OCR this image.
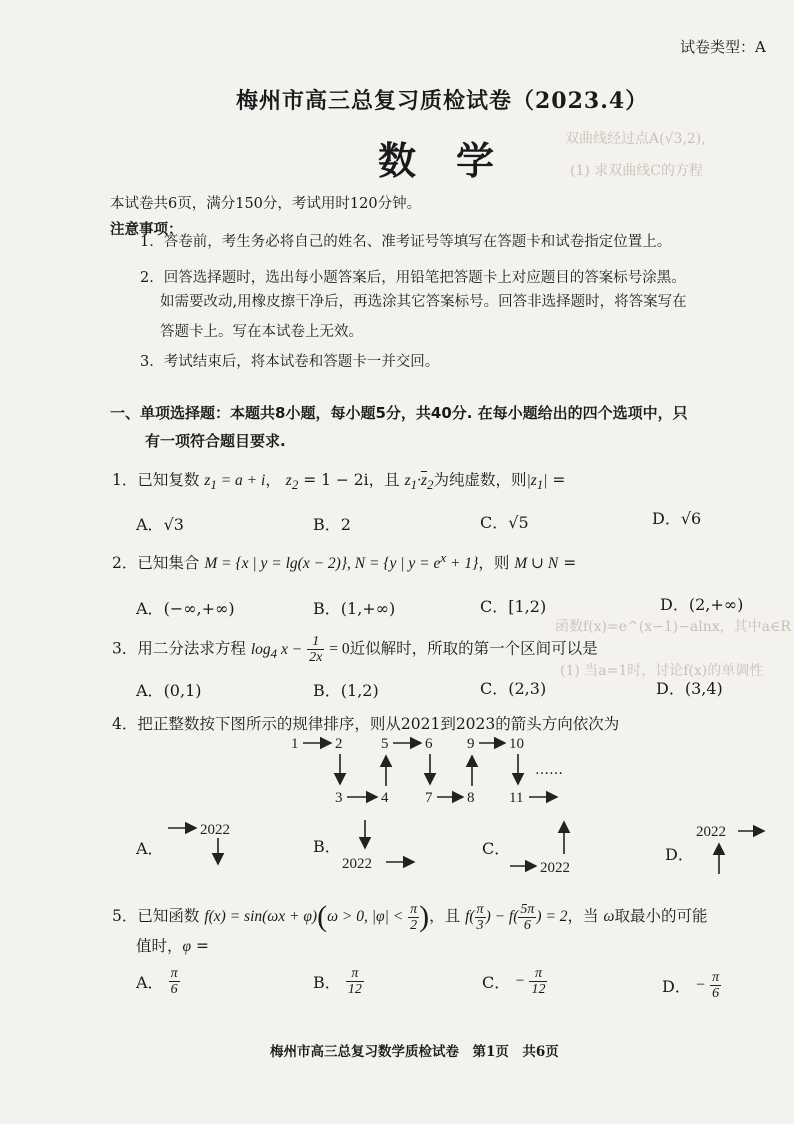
双曲线经过点A(√3,2),
(1) 求双曲线C的方程
函数f(x)=e^(x−1)−alnx，其中a∈R
(1) 当a=1时，讨论f(x)的单调性
试卷类型：A
梅州市高三总复习质检试卷（2023.4）
数学
本试卷共6页，满分150分，考试用时120分钟。
注意事项：
1．答卷前，考生务必将自己的姓名、准考证号等填写在答题卡和试卷指定位置上。
2．回答选择题时，选出每小题答案后，用铅笔把答题卡上对应题目的答案标号涂黑。
如需要改动,用橡皮擦干净后，再选涂其它答案标号。回答非选择题时，将答案写在
答题卡上。写在本试卷上无效。
3．考试结束后，将本试卷和答题卡一并交回。
一、单项选择题：本题共8小题，每小题5分，共40分. 在每小题给出的四个选项中，只
有一项符合题目要求.
1．已知复数 $z_1 = a + i$， $z_2 = 1 - 2i$，且 $z_1\cdot\overline{z}_2$为纯虚数，则$|z_1|$ =
A．√3	B．2	C．√5	D．√6
2．已知集合 M = {x | y = lg(x − 2)}, N = {y | $y = e^x + 1$}，则 M ∪ N =
A．(−∞,+∞)	B．(1,+∞)	C．[1,2)	D．(2,+∞)
3．用二分法求方程 $\log_4 x - \frac{1}{2x} = 0$近似解时，所取的第一个区间可以是
A．(0,1)	B．(1,2)	C．(2,3)	D．(3,4)
4．把正整数按下图所示的规律排序，则从2021到2023的箭头方向依次为
1 2	5 6 9 10
3	4 7 8 11
……
A．
2022
B．
2022
C．
2022
D．
2022
5．已知函数 f(x) = sin(ωx + φ)(ω > 0, $|\varphi| < \frac{\pi}{2}$ )，且 $f( \frac{\pi}{3}$ ) − $f( \frac{5\pi}{6}$ ) = 2，当 ω取最小的可能
值时，φ =
A． $\frac{\pi}{6}$	B． $\frac{\pi}{12}$	C． − $\frac{\pi}{12}$	D． − $\frac{\pi}{6}$
梅州市高三总复习数学质检试卷　第1页　共6页
